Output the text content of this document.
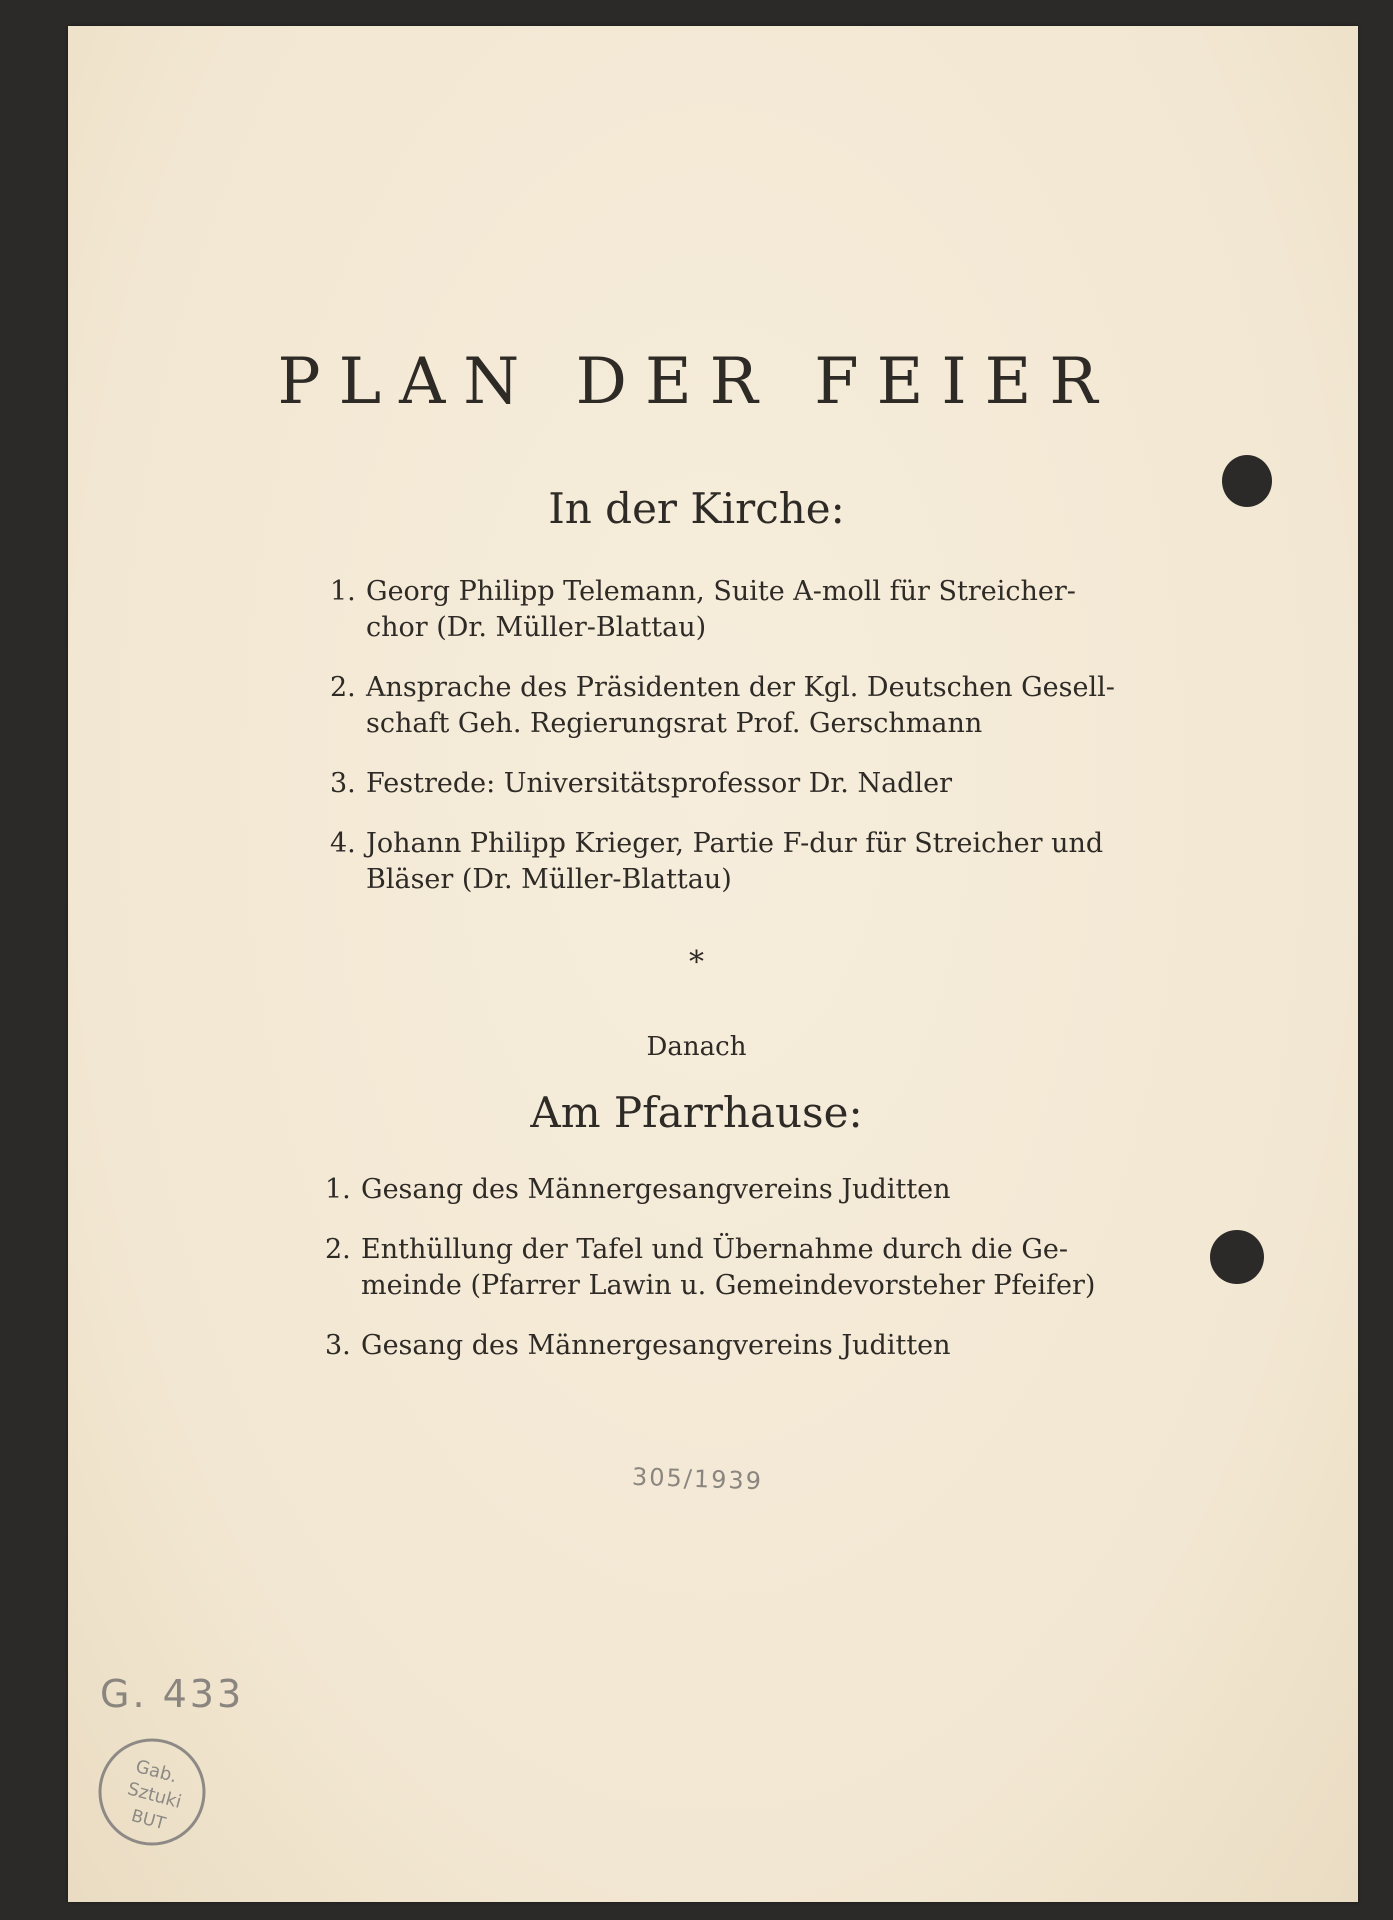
PLAN DER FEIER
In der Kirche:
1. Georg Philipp Telemann, Suite A-moll für Streicher-chor (Dr. Müller-Blattau)
2. Ansprache des Präsidenten der Kgl. Deutschen Gesell-schaft Geh. Regierungsrat Prof. Gerschmann
3. Festrede: Universitätsprofessor Dr. Nadler
4. Johann Philipp Krieger, Partie F-dur für Streicher und Bläser (Dr. Müller-Blattau)
*
Danach
Am Pfarrhause:
1. Gesang des Männergesangvereins Juditten
2. Enthüllung der Tafel und Übernahme durch die Ge-meinde (Pfarrer Lawin u. Gemeindevorsteher Pfeifer)
3. Gesang des Männergesangvereins Juditten
305/1939
G. 433
Gab.
Sztuki
BUT
